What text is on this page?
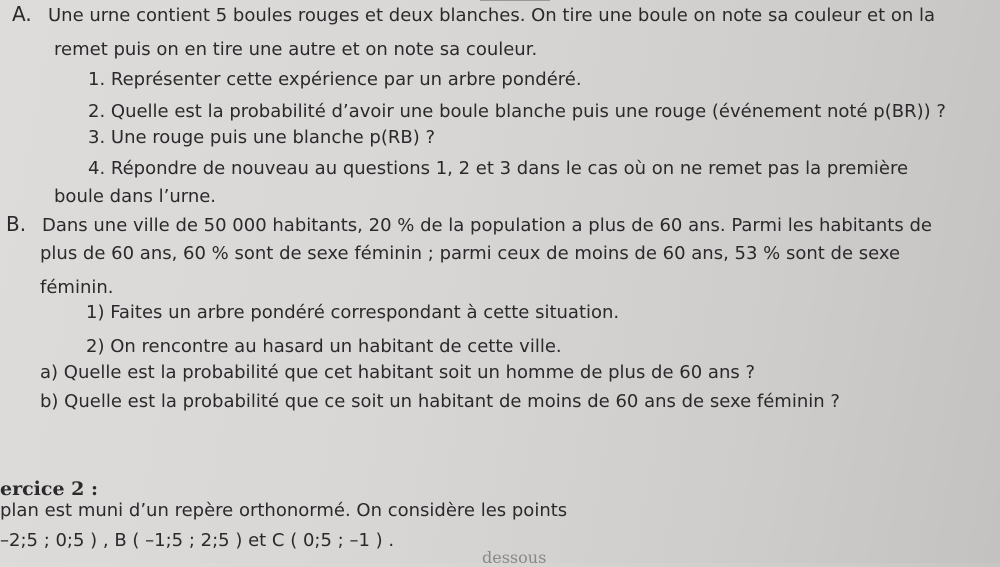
A. Une urne contient 5 boules rouges et deux blanches. On tire une boule on note sa couleur et on la
remet puis on en tire une autre et on note sa couleur.
1. Représenter cette expérience par un arbre pondéré.
2. Quelle est la probabilité d’avoir une boule blanche puis une rouge (événement noté p(BR)) ?
3. Une rouge puis une blanche p(RB) ?
4. Répondre de nouveau au questions 1, 2 et 3 dans le cas où on ne remet pas la première
boule dans l’urne.
B. Dans une ville de 50 000 habitants, 20 % de la population a plus de 60 ans. Parmi les habitants de
plus de 60 ans, 60 % sont de sexe féminin ; parmi ceux de moins de 60 ans, 53 % sont de sexe
féminin.
1) Faites un arbre pondéré correspondant à cette situation.
2) On rencontre au hasard un habitant de cette ville.
a) Quelle est la probabilité que cet habitant soit un homme de plus de 60 ans ?
b) Quelle est la probabilité que ce soit un habitant de moins de 60 ans de sexe féminin ?
ercice 2 :
plan est muni d’un repère orthonormé. On considère les points
–2;5 ; 0;5 ) , B ( –1;5 ; 2;5 ) et C ( 0;5 ; –1 ) .
dessous
